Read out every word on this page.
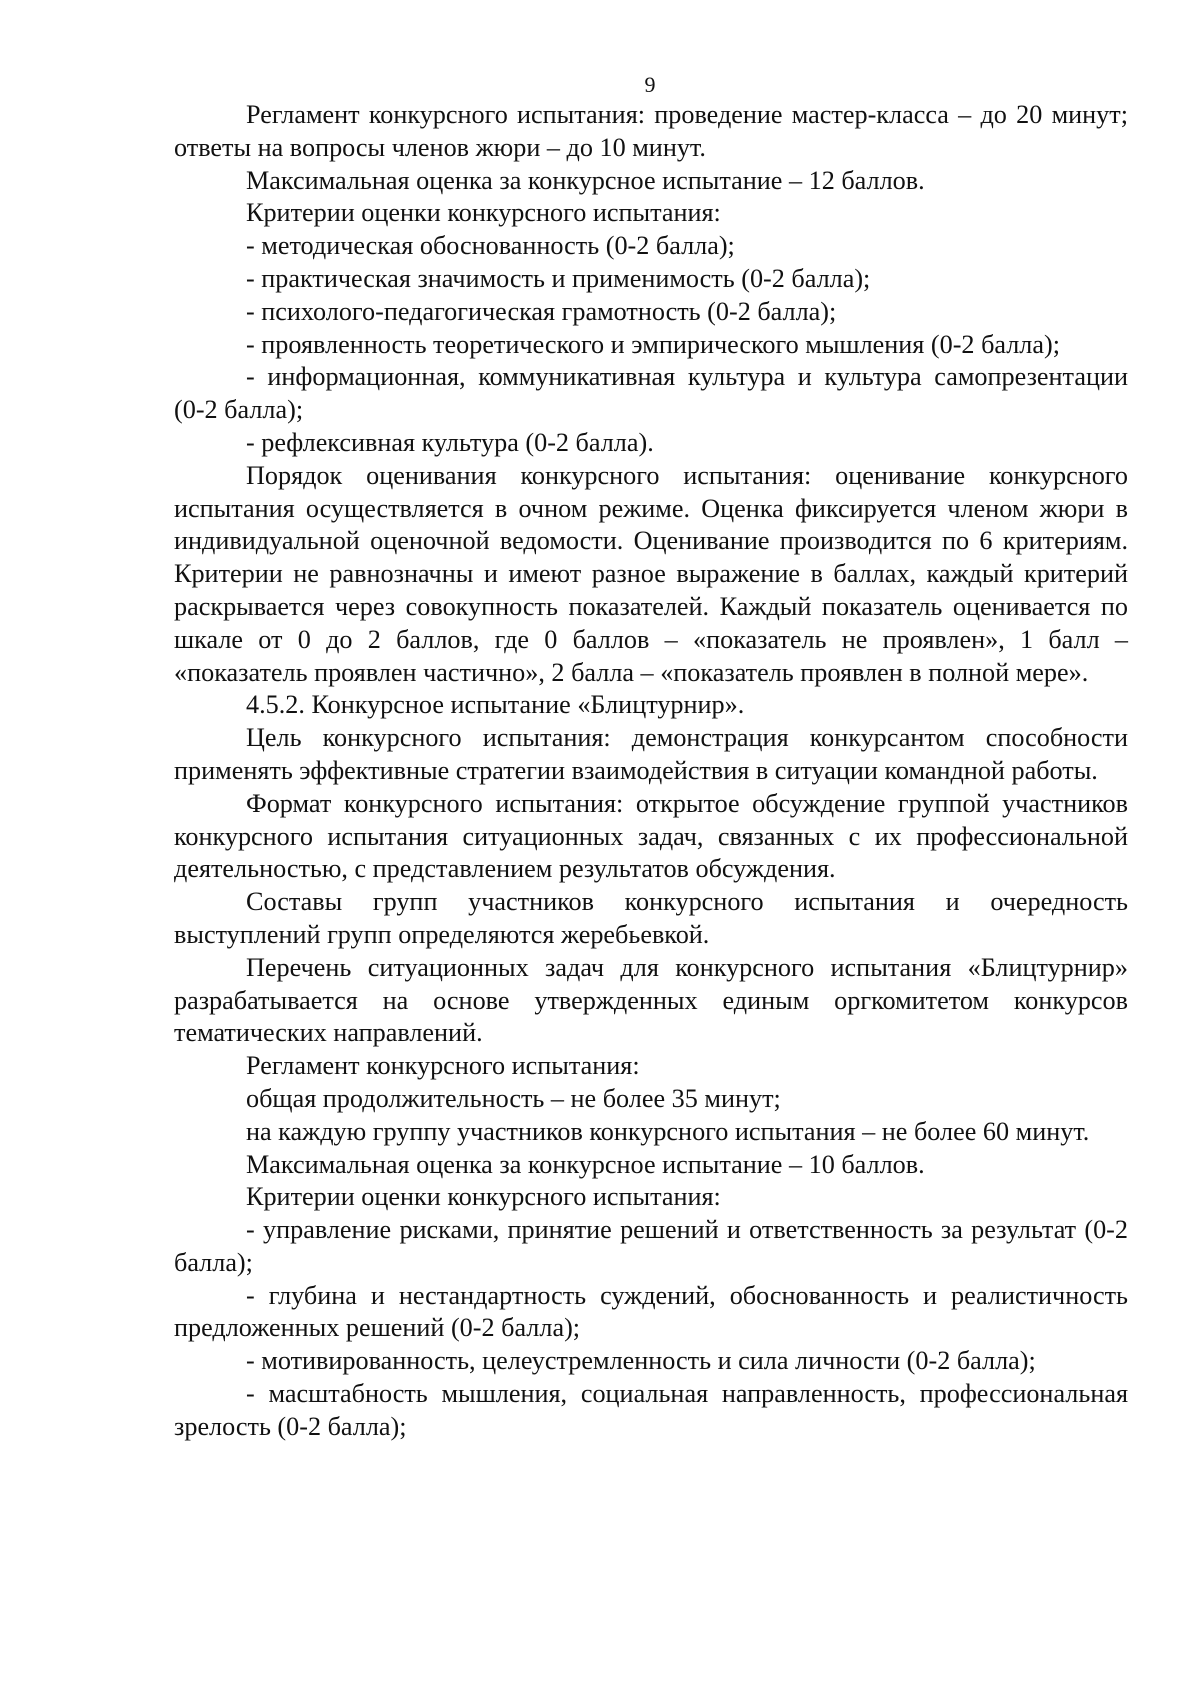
9

Регламент конкурсного испытания: проведение мастер-класса – до 20 минут; ответы на вопросы членов жюри – до 10 минут.

Максимальная оценка за конкурсное испытание – 12 баллов.

Критерии оценки конкурсного испытания:

- методическая обоснованность (0-2 балла);

- практическая значимость и применимость (0-2 балла);

- психолого-педагогическая грамотность (0-2 балла);

- проявленность теоретического и эмпирического мышления (0-2 балла);

- информационная, коммуникативная культура и культура самопрезентации (0-2 балла);

- рефлексивная культура (0-2 балла).

Порядок оценивания конкурсного испытания: оценивание конкурсного испытания осуществляется в очном режиме. Оценка фиксируется членом жюри в индивидуальной оценочной ведомости. Оценивание производится по 6 критериям. Критерии не равнозначны и имеют разное выражение в баллах, каждый критерий раскрывается через совокупность показателей. Каждый показатель оценивается по шкале от 0 до 2 баллов, где 0 баллов – «показатель не проявлен», 1 балл – «показатель проявлен частично», 2 балла – «показатель проявлен в полной мере».

4.5.2. Конкурсное испытание «Блицтурнир».

Цель конкурсного испытания: демонстрация конкурсантом способности применять эффективные стратегии взаимодействия в ситуации командной работы.

Формат конкурсного испытания: открытое обсуждение группой участников конкурсного испытания ситуационных задач, связанных с их профессиональной деятельностью, с представлением результатов обсуждения.

Составы групп участников конкурсного испытания и очередность выступлений групп определяются жеребьевкой.

Перечень ситуационных задач для конкурсного испытания «Блицтурнир» разрабатывается на основе утвержденных единым оргкомитетом конкурсов тематических направлений.

Регламент конкурсного испытания:

общая продолжительность – не более 35 минут;

на каждую группу участников конкурсного испытания – не более 60 минут.

Максимальная оценка за конкурсное испытание – 10 баллов.

Критерии оценки конкурсного испытания:

- управление рисками, принятие решений и ответственность за результат (0-2 балла);

- глубина и нестандартность суждений, обоснованность и реалистичность предложенных решений (0-2 балла);

- мотивированность, целеустремленность и сила личности (0-2 балла);

- масштабность мышления, социальная направленность, профессиональная зрелость (0-2 балла);
